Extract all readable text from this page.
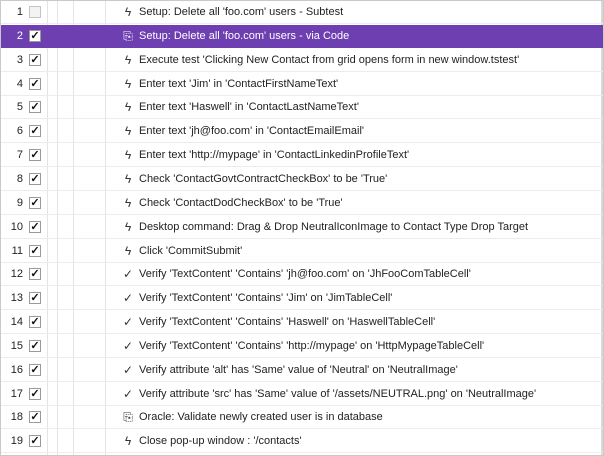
1	ϟ Setup: Delete all 'foo.com' users - Subtest
2 ✓	⎘ Setup: Delete all 'foo.com' users - via Code
3 ✓	ϟ Execute test 'Clicking New Contact from grid opens form in new window.tstest'
4 ✓	ϟ Enter text 'Jim' in 'ContactFirstNameText'
5 ✓	ϟ Enter text 'Haswell' in 'ContactLastNameText'
6 ✓	ϟ Enter text 'jh@foo.com' in 'ContactEmailEmail'
7 ✓	ϟ Enter text 'http://mypage' in 'ContactLinkedinProfileText'
8 ✓	ϟ Check 'ContactGovtContractCheckBox' to be 'True'
9 ✓	ϟ Check 'ContactDodCheckBox' to be 'True'
10 ✓	ϟ Desktop command: Drag & Drop NeutralIconImage to Contact Type Drop Target
11 ✓	ϟ Click 'CommitSubmit'
12 ✓	✓ Verify 'TextContent' 'Contains' 'jh@foo.com' on 'JhFooComTableCell'
13 ✓	✓ Verify 'TextContent' 'Contains' 'Jim' on 'JimTableCell'
14 ✓	✓ Verify 'TextContent' 'Contains' 'Haswell' on 'HaswellTableCell'
15 ✓	✓ Verify 'TextContent' 'Contains' 'http://mypage' on 'HttpMypageTableCell'
16 ✓	✓ Verify attribute 'alt' has 'Same' value of 'Neutral' on 'NeutralImage'
17 ✓	✓ Verify attribute 'src' has 'Same' value of '/assets/NEUTRAL.png' on 'NeutralImage'
18 ✓	⎘ Oracle: Validate newly created user is in database
19 ✓	ϟ Close pop-up window : '/contacts'
